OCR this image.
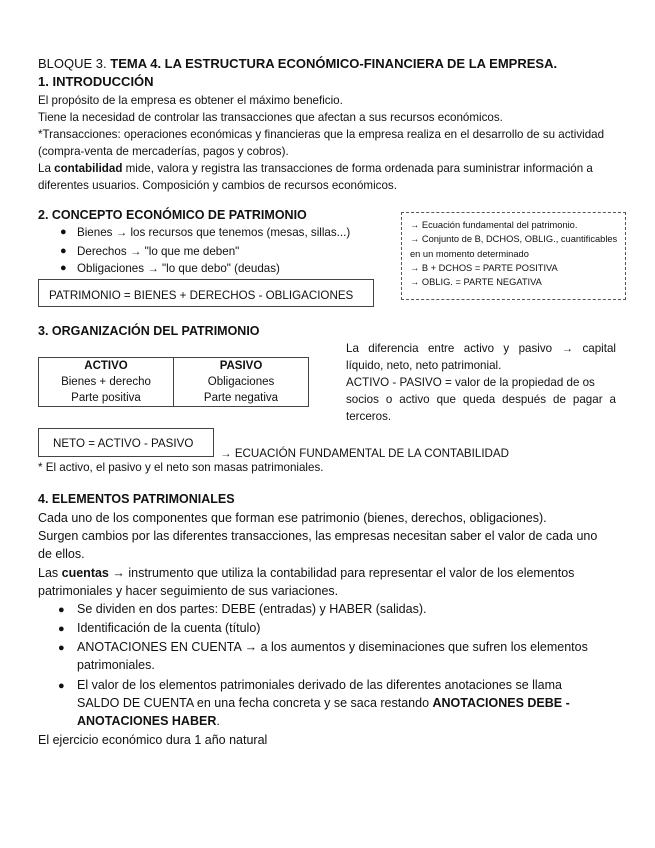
BLOQUE 3. TEMA 4. LA ESTRUCTURA ECONÓMICO-FINANCIERA DE LA EMPRESA.
1. INTRODUCCIÓN
El propósito de la empresa es obtener el máximo beneficio.
Tiene la necesidad de controlar las transacciones que afectan a sus recursos económicos.
*Transacciones: operaciones económicas y financieras que la empresa realiza en el desarrollo de su actividad
(compra-venta de mercaderías, pagos y cobros).
La contabilidad mide, valora y registra las transacciones de forma ordenada para suministrar información a
diferentes usuarios. Composición y cambios de recursos económicos.
2. CONCEPTO ECONÓMICO DE PATRIMONIO
● Bienes → los recursos que tenemos (mesas, sillas...)
● Derechos → "lo que me deben"
● Obligaciones → "lo que debo" (deudas)
PATRIMONIO = BIENES + DERECHOS - OBLIGACIONES
→ Ecuación fundamental del patrimonio.
→ Conjunto de B, DCHOS, OBLIG., cuantificables
en un momento determinado
→ B + DCHOS = PARTE POSITIVA
→ OBLIG. = PARTE NEGATIVA
3. ORGANIZACIÓN DEL PATRIMONIO
ACTIVO	PASIVO
Bienes + derecho	Obligaciones
Parte positiva	Parte negativa
La diferencia entre activo y pasivo → capital
líquido, neto, neto patrimonial.
ACTIVO - PASIVO = valor de la propiedad de os
socios o activo que queda después de pagar a
terceros.
NETO = ACTIVO - PASIVO
→ ECUACIÓN FUNDAMENTAL DE LA CONTABILIDAD
* El activo, el pasivo y el neto son masas patrimoniales.
4. ELEMENTOS PATRIMONIALES
Cada uno de los componentes que forman ese patrimonio (bienes, derechos, obligaciones).
Surgen cambios por las diferentes transacciones, las empresas necesitan saber el valor de cada uno
de ellos.
Las cuentas → instrumento que utiliza la contabilidad para representar el valor de los elementos
patrimoniales y hacer seguimiento de sus variaciones.
● Se dividen en dos partes: DEBE (entradas) y HABER (salidas).
● Identificación de la cuenta (título)
● ANOTACIONES EN CUENTA → a los aumentos y diseminaciones que sufren los elementos
patrimoniales.
● El valor de los elementos patrimoniales derivado de las diferentes anotaciones se llama
SALDO DE CUENTA en una fecha concreta y se saca restando ANOTACIONES DEBE -
ANOTACIONES HABER.
El ejercicio económico dura 1 año natural
